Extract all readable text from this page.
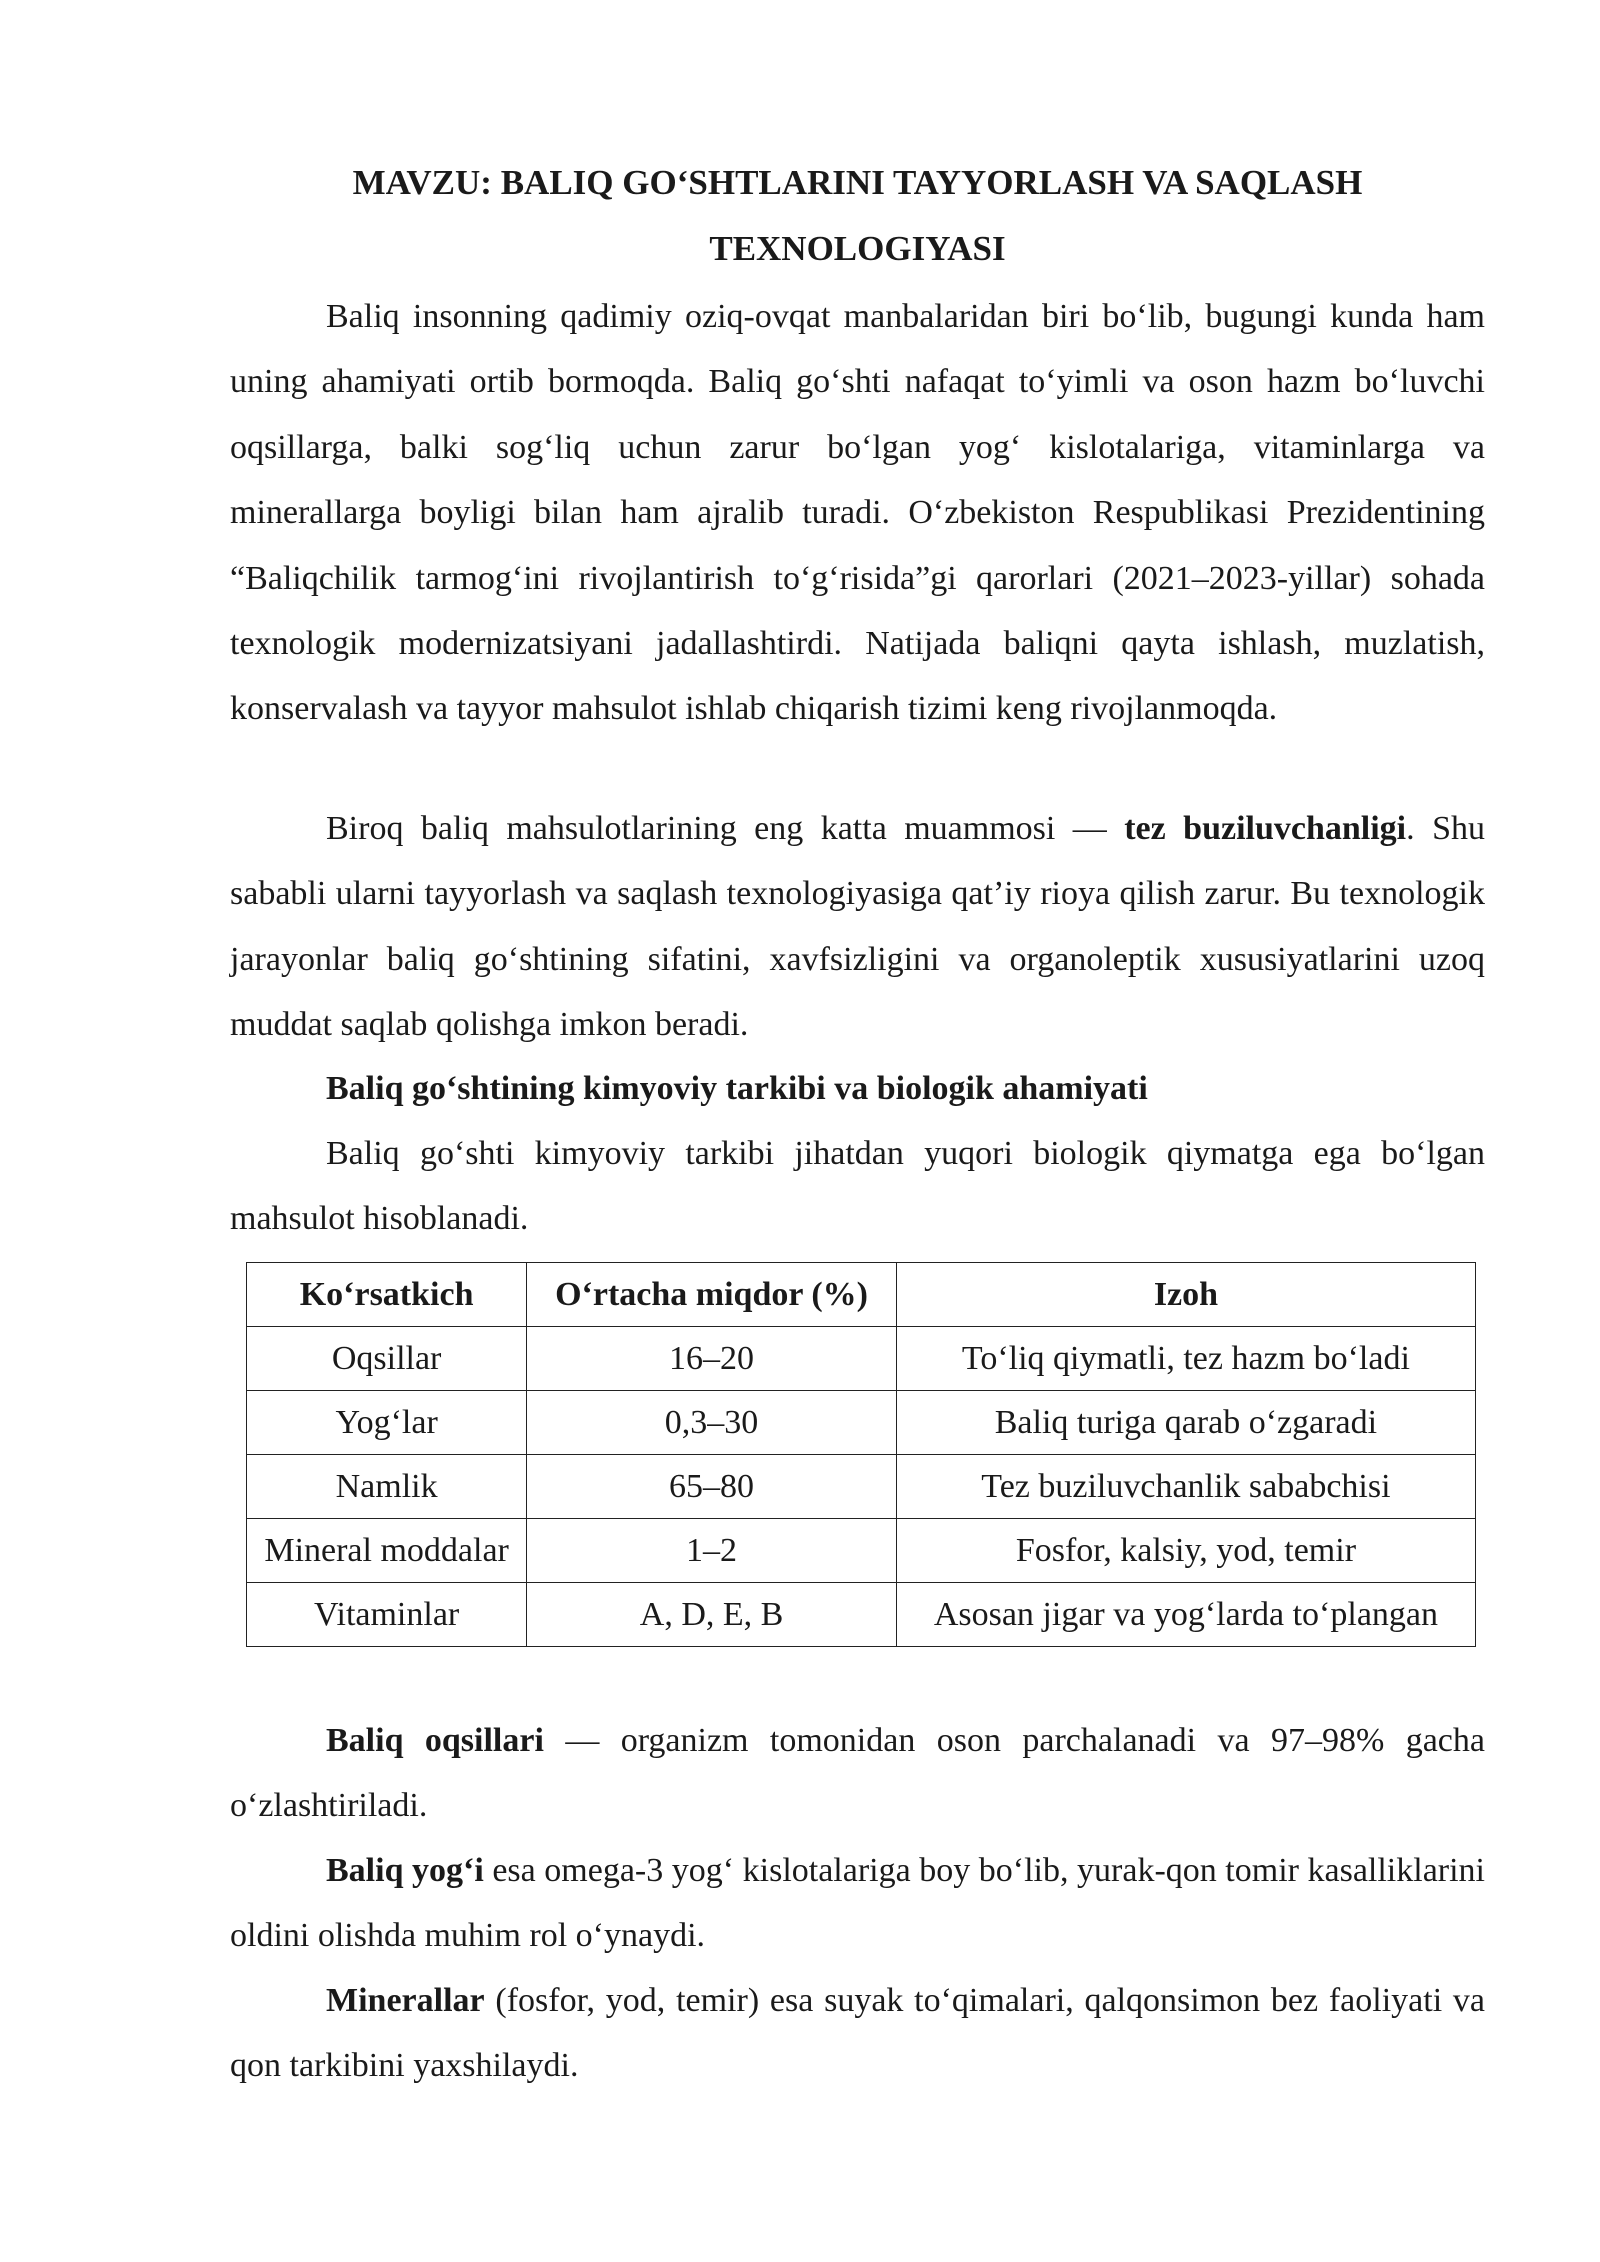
MAVZU: BALIQ GO‘SHTLARINI TAYYORLASH VA SAQLASH
TEXNOLOGIYASI

Baliq insonning qadimiy oziq-ovqat manbalaridan biri bo‘lib, bugungi kunda ham uning ahamiyati ortib bormoqda. Baliq go‘shti nafaqat to‘yimli va oson hazm bo‘luvchi oqsillarga, balki sog‘liq uchun zarur bo‘lgan yog‘ kislotalariga, vitaminlarga va minerallarga boyligi bilan ham ajralib turadi. O‘zbekiston Respublikasi Prezidentining “Baliqchilik tarmog‘ini rivojlantirish to‘g‘risida”gi qarorlari (2021–2023-yillar) sohada texnologik modernizatsiyani jadallashtirdi. Natijada baliqni qayta ishlash, muzlatish, konservalash va tayyor mahsulot ishlab chiqarish tizimi keng rivojlanmoqda.

Biroq baliq mahsulotlarining eng katta muammosi — tez buziluvchanligi. Shu sababli ularni tayyorlash va saqlash texnologiyasiga qat’iy rioya qilish zarur. Bu texnologik jarayonlar baliq go‘shtining sifatini, xavfsizligini va organoleptik xususiyatlarini uzoq muddat saqlab qolishga imkon beradi.

Baliq go‘shtining kimyoviy tarkibi va biologik ahamiyati

Baliq go‘shti kimyoviy tarkibi jihatdan yuqori biologik qiymatga ega bo‘lgan mahsulot hisoblanadi.

Ko‘rsatkich	O‘rtacha miqdor (%)	Izoh
Oqsillar	16–20	To‘liq qiymatli, tez hazm bo‘ladi
Yog‘lar	0,3–30	Baliq turiga qarab o‘zgaradi
Namlik	65–80	Tez buziluvchanlik sababchisi
Mineral moddalar	1–2	Fosfor, kalsiy, yod, temir
Vitaminlar	A, D, E, B	Asosan jigar va yog‘larda to‘plangan

Baliq oqsillari — organizm tomonidan oson parchalanadi va 97–98% gacha o‘zlashtiriladi.

Baliq yog‘i esa omega-3 yog‘ kislotalariga boy bo‘lib, yurak-qon tomir kasalliklarini oldini olishda muhim rol o‘ynaydi.

Minerallar (fosfor, yod, temir) esa suyak to‘qimalari, qalqonsimon bez faoliyati va qon tarkibini yaxshilaydi.
